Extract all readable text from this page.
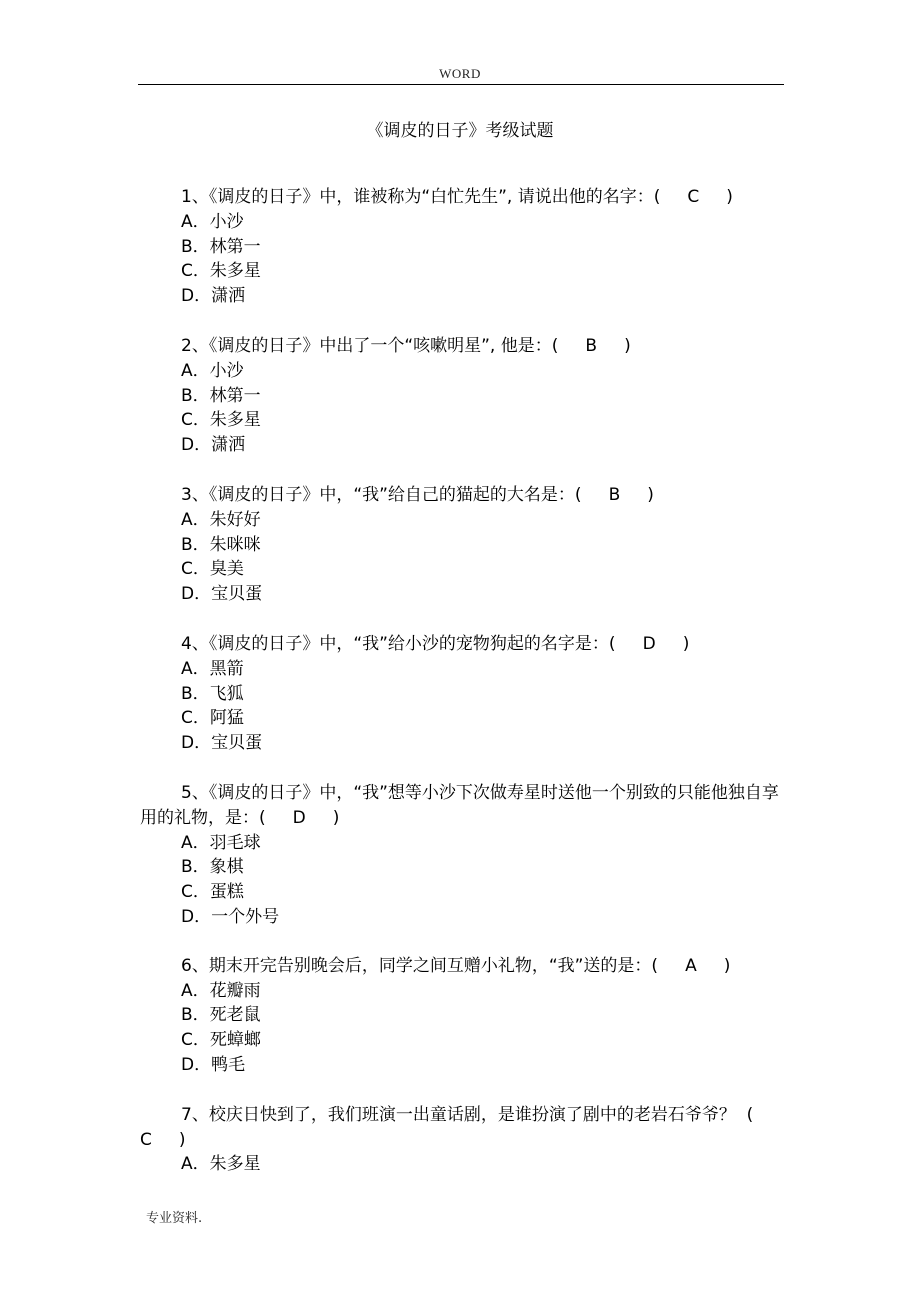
WORD
《调皮的日子》考级试题
1、《调皮的日子》中，谁被称为“白忙先生”, 请说出他的名字：(     C     )
A．小沙
B．林第一
C．朱多星
D．潇洒
2、《调皮的日子》中出了一个“咳嗽明星”, 他是：(     B     )
A．小沙
B．林第一
C．朱多星
D．潇洒
3、《调皮的日子》中，“我”给自己的猫起的大名是：(     B     )
A．朱好好
B．朱咪咪
C．臭美
D．宝贝蛋
4、《调皮的日子》中，“我”给小沙的宠物狗起的名字是：(     D     )
A．黑箭
B．飞狐
C．阿猛
D．宝贝蛋
5、《调皮的日子》中，“我”想等小沙下次做寿星时送他一个别致的只能他独自享用的礼物，是：(     D     )
A．羽毛球
B．象棋
C．蛋糕
D．一个外号
6、期末开完告别晚会后，同学之间互赠小礼物，“我”送的是：(     A     )
A．花瓣雨
B．死老鼠
C．死蟑螂
D．鸭毛
7、校庆日快到了，我们班演一出童话剧，是谁扮演了剧中的老岩石爷爷？  (     C     )
A．朱多星
专业资料.
